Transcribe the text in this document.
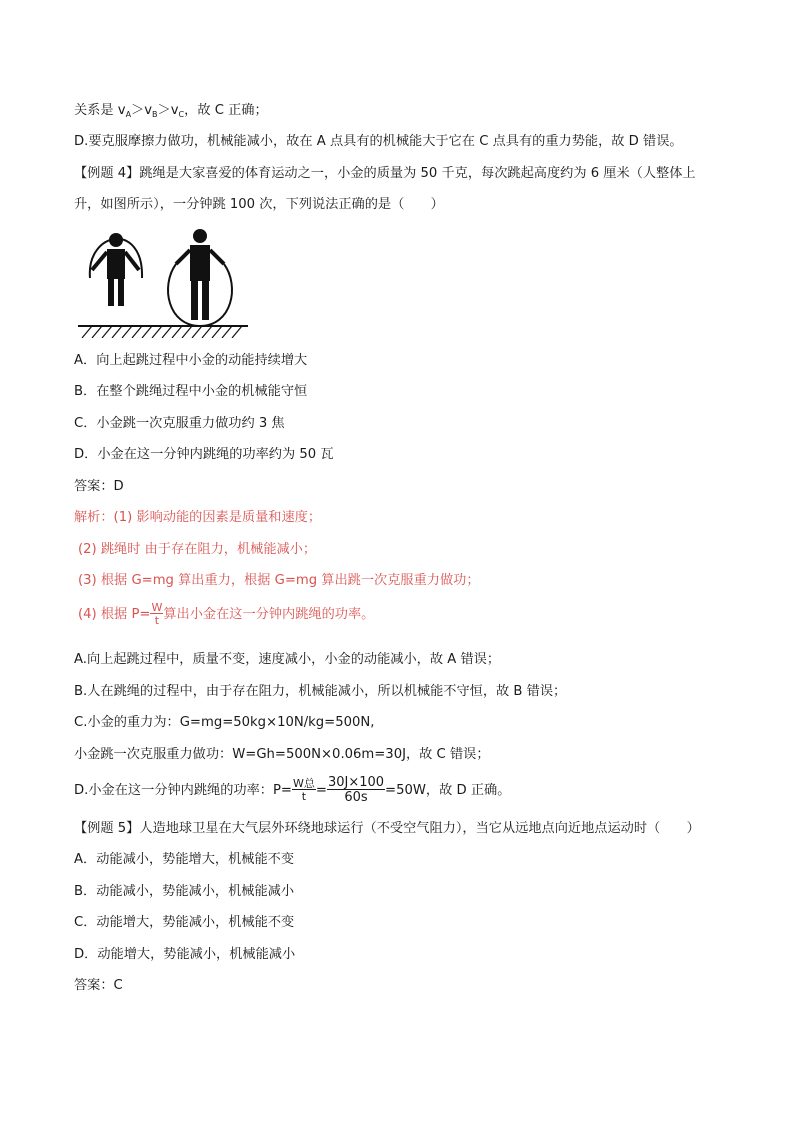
关系是 $v_A>v_B>v_C$，故 C 正确；
D.要克服摩擦力做功，机械能减小，故在 A 点具有的机械能大于它在 C 点具有的重力势能，故 D 错误。
【例题 4】跳绳是大家喜爱的体育运动之一，小金的质量为 50 千克，每次跳起高度约为 6 厘米（人整体上
升，如图所示），一分钟跳 100 次，下列说法正确的是（　　）
A．向上起跳过程中小金的动能持续增大
B．在整个跳绳过程中小金的机械能守恒
C．小金跳一次克服重力做功约 3 焦
D．小金在这一分钟内跳绳的功率约为 50 瓦
答案：D
解析：(1) 影响动能的因素是质量和速度；
(2) 跳绳时 由于存在阻力，机械能减小；
(3) 根据 G=mg 算出重力，根据 G=mg 算出跳一次克服重力做功；
(4) 根据 $P= \frac{W}{t}$ 算出小金在这一分钟内跳绳的功率。
A.向上起跳过程中，质量不变，速度减小，小金的动能减小，故 A 错误；
B.人在跳绳的过程中，由于存在阻力，机械能减小，所以机械能不守恒，故 B 错误；
C.小金的重力为：G=mg=50kg×10N/kg=500N,
小金跳一次克服重力做功：W=Gh=500N×0.06m=30J，故 C 错误；
D.小金在这一分钟内跳绳的功率：$P= \frac{\text{W总}}{t} = \frac{30J\times 100}{60s} =50W$，故 D 正确。
【例题 5】人造地球卫星在大气层外环绕地球运行（不受空气阻力），当它从远地点向近地点运动时（　　）
A．动能减小，势能增大，机械能不变
B．动能减小，势能减小，机械能减小
C．动能增大，势能减小，机械能不变
D．动能增大，势能减小，机械能减小
答案：C
